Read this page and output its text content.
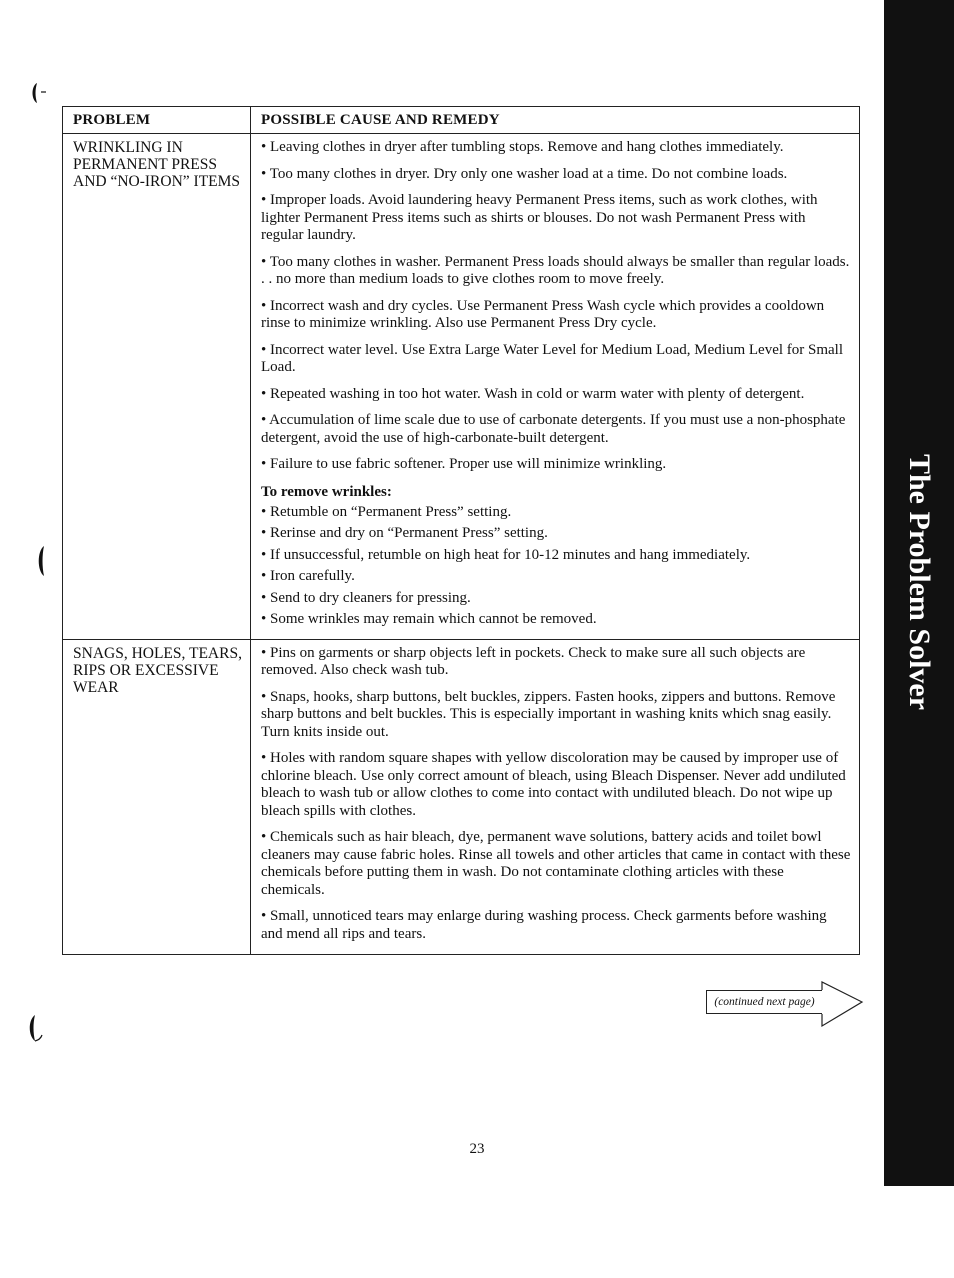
PROBLEM	POSSIBLE CAUSE AND REMEDY
WRINKLING IN PERMANENT PRESS AND “NO-IRON” ITEMS

• Leaving clothes in dryer after tumbling stops. Remove and hang clothes immediately.

• Too many clothes in dryer. Dry only one washer load at a time. Do not combine loads.

• Improper loads. Avoid laundering heavy Permanent Press items, such as work clothes, with lighter Permanent Press items such as shirts or blouses. Do not wash Permanent Press with regular laundry.

• Too many clothes in washer. Permanent Press loads should always be smaller than regular loads. . . no more than medium loads to give clothes room to move freely.

• Incorrect wash and dry cycles. Use Permanent Press Wash cycle which provides a cooldown rinse to minimize wrinkling. Also use Permanent Press Dry cycle.

• Incorrect water level. Use Extra Large Water Level for Medium Load, Medium Level for Small Load.

• Repeated washing in too hot water. Wash in cold or warm water with plenty of detergent.

• Accumulation of lime scale due to use of carbonate detergents. If you must use a non-phosphate detergent, avoid the use of high-carbonate-built detergent.

• Failure to use fabric softener. Proper use will minimize wrinkling.

To remove wrinkles:

• Retumble on “Permanent Press” setting.

• Rerinse and dry on “Permanent Press” setting.

• If unsuccessful, retumble on high heat for 10-12 minutes and hang immediately.

• Iron carefully.

• Send to dry cleaners for pressing.

• Some wrinkles may remain which cannot be removed.

SNAGS, HOLES, TEARS, RIPS OR EXCESSIVE WEAR

• Pins on garments or sharp objects left in pockets. Check to make sure all such objects are removed. Also check wash tub.

• Snaps, hooks, sharp buttons, belt buckles, zippers. Fasten hooks, zippers and buttons. Remove sharp buttons and belt buckles. This is especially important in washing knits which snag easily. Turn knits inside out.

• Holes with random square shapes with yellow discoloration may be caused by improper use of chlorine bleach. Use only correct amount of bleach, using Bleach Dispenser. Never add undiluted bleach to wash tub or allow clothes to come into contact with undiluted bleach. Do not wipe up bleach spills with clothes.

• Chemicals such as hair bleach, dye, permanent wave solutions, battery acids and toilet bowl cleaners may cause fabric holes. Rinse all towels and other articles that came in contact with these chemicals before putting them in wash. Do not contaminate clothing articles with these chemicals.

• Small, unnoticed tears may enlarge during washing process. Check garments before washing and mend all rips and tears.

(continued next page)
23
The Problem Solver
